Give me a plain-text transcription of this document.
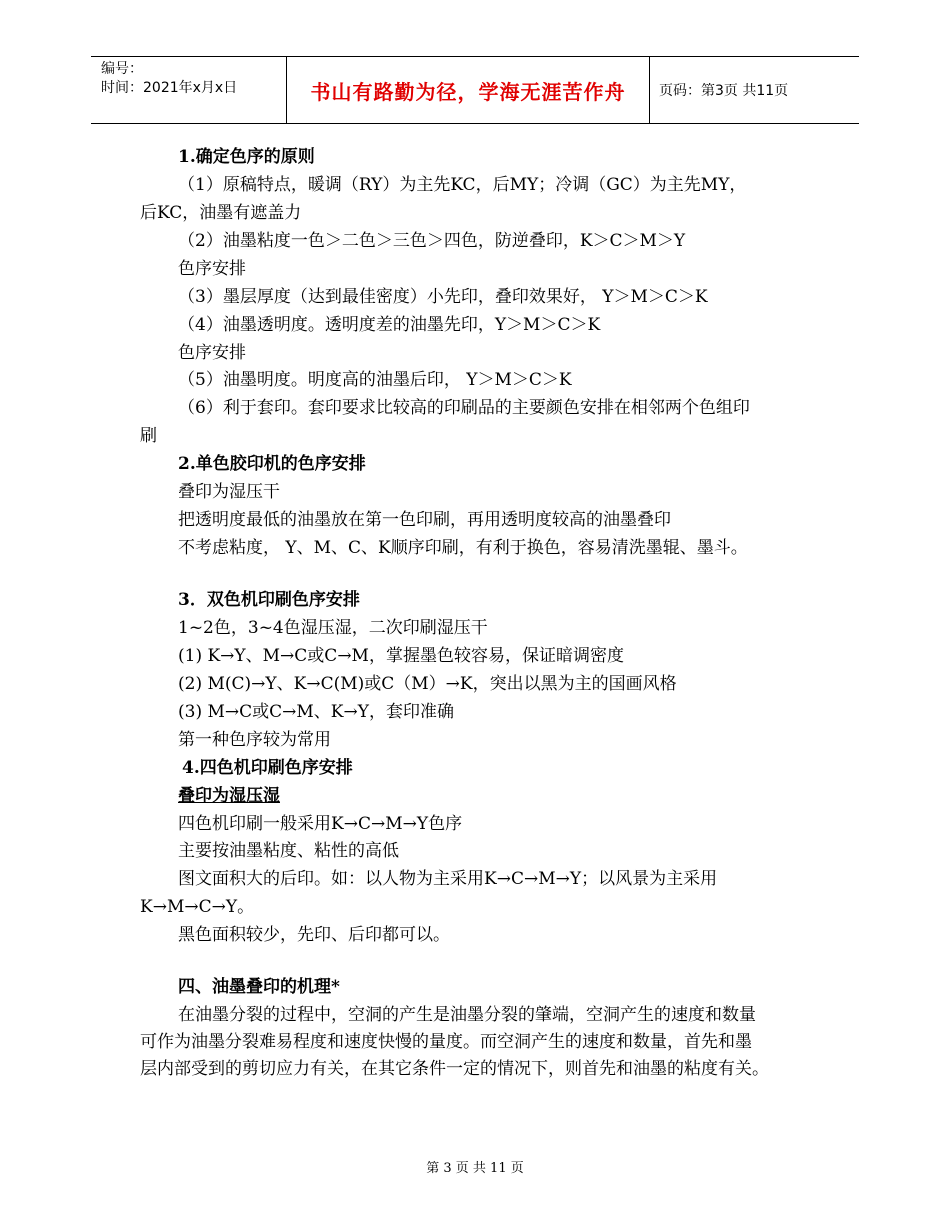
编号：
时间：2021年x月x日	书山有路勤为径，学海无涯苦作舟	页码：第3页 共11页
1.确定色序的原则
（1）原稿特点，暖调（RY）为主先KC，后MY；冷调（GC）为主先MY，
后KC，油墨有遮盖力
（2）油墨粘度一色＞二色＞三色＞四色，防逆叠印，K＞C＞M＞Y
色序安排
（3）墨层厚度（达到最佳密度）小先印，叠印效果好， Y＞M＞C＞K
（4）油墨透明度。透明度差的油墨先印，Y＞M＞C＞K
色序安排
（5）油墨明度。明度高的油墨后印， Y＞M＞C＞K
（6）利于套印。套印要求比较高的印刷品的主要颜色安排在相邻两个色组印
刷
2.单色胶印机的色序安排
叠印为湿压干
把透明度最低的油墨放在第一色印刷，再用透明度较高的油墨叠印
不考虑粘度， Y、M、C、K顺序印刷，有利于换色，容易清洗墨辊、墨斗。
3．双色机印刷色序安排
1~2色，3~4色湿压湿，二次印刷湿压干
(1) K→Y、M→C或C→M，掌握墨色较容易，保证暗调密度
(2) M(C)→Y、K→C(M)或C（M）→K，突出以黑为主的国画风格
(3) M→C或C→M、K→Y，套印准确
第一种色序较为常用
4.四色机印刷色序安排
叠印为湿压湿
四色机印刷一般采用K→C→M→Y色序
主要按油墨粘度、粘性的高低
图文面积大的后印。如：以人物为主采用K→C→M→Y；以风景为主采用
K→M→C→Y。
黑色面积较少，先印、后印都可以。
四、油墨叠印的机理*
在油墨分裂的过程中，空洞的产生是油墨分裂的肇端，空洞产生的速度和数量
可作为油墨分裂难易程度和速度快慢的量度。而空洞产生的速度和数量，首先和墨
层内部受到的剪切应力有关，在其它条件一定的情况下，则首先和油墨的粘度有关。
第 3 页 共 11 页
